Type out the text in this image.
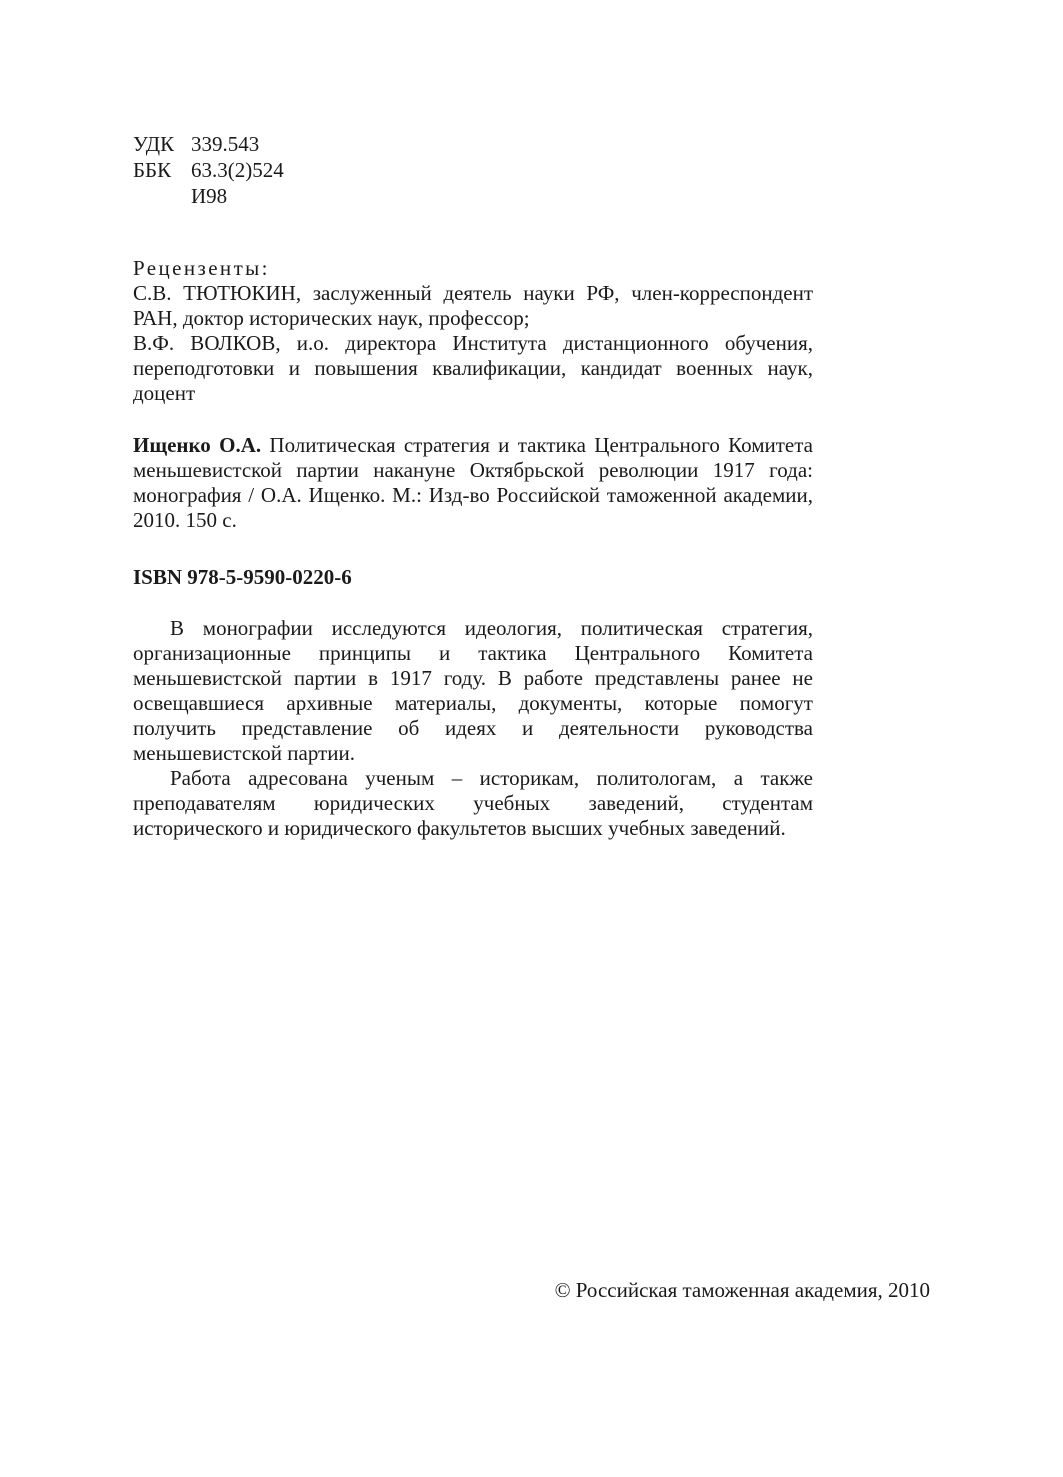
УДК 339.543
ББК 63.3(2)524
И98

Рецензенты:

С.В. ТЮТЮКИН, заслуженный деятель науки РФ, член-корреспондент РАН, доктор исторических наук, профессор;

В.Ф. ВОЛКОВ, и.о. директора Института дистанционного обучения, переподготовки и повышения квалификации, кандидат военных наук, доцент

Ищенко О.А. Политическая стратегия и тактика Центрального Комитета меньшевистской партии накануне Октябрьской революции 1917 года: монография / О.А. Ищенко. М.: Изд-во Российской таможенной академии, 2010. 150 с.

ISBN 978-5-9590-0220-6

В монографии исследуются идеология, политическая стратегия, организационные принципы и тактика Центрального Комитета меньшевистской партии в 1917 году. В работе представлены ранее не освещавшиеся архивные материалы, документы, которые помогут получить представление об идеях и деятельности руководства меньшевистской партии.

Работа адресована ученым – историкам, политологам, а также преподавателям юридических учебных заведений, студентам исторического и юридического факультетов высших учебных заведений.

© Российская таможенная академия, 2010
